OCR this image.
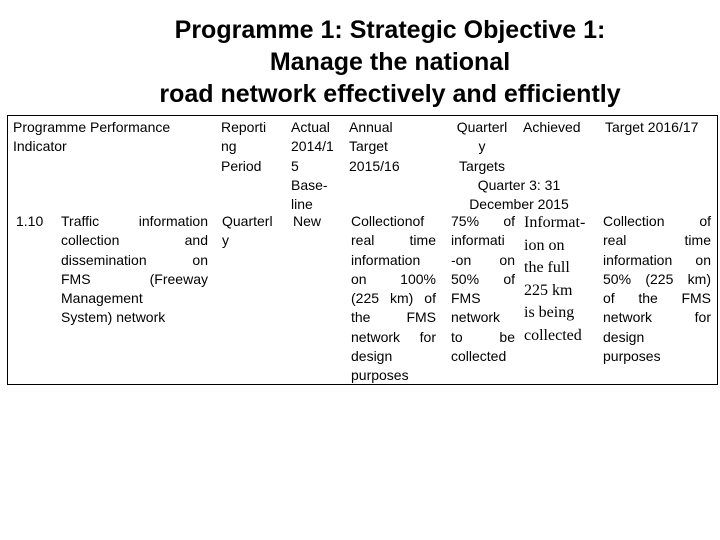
Programme 1: Strategic Objective 1:
Manage the national
road network effectively and efficiently
Programme Performance
Indicator
Reporti
ng
Period
Actual
2014/1
5
Base-
line
Annual
Target
2015/16
Quarterl
y
Targets
Achieved	Target 2016/17
Quarter 3: 31
December 2015
1.10 Traffic information
collection and
dissemination on
FMS (Freeway
Management
System) network
Quarterl
y
New Collectionof
real time
information
on 100%
(225 km) of
the FMS
network for
design
purposes
75% of
informati
-on on
50% of
FMS
network
to be
collected
Informat-
ion on
the full
225 km
is being
collected
Collection of
real time
information on
50% (225 km)
of the FMS
network for
design
purposes
